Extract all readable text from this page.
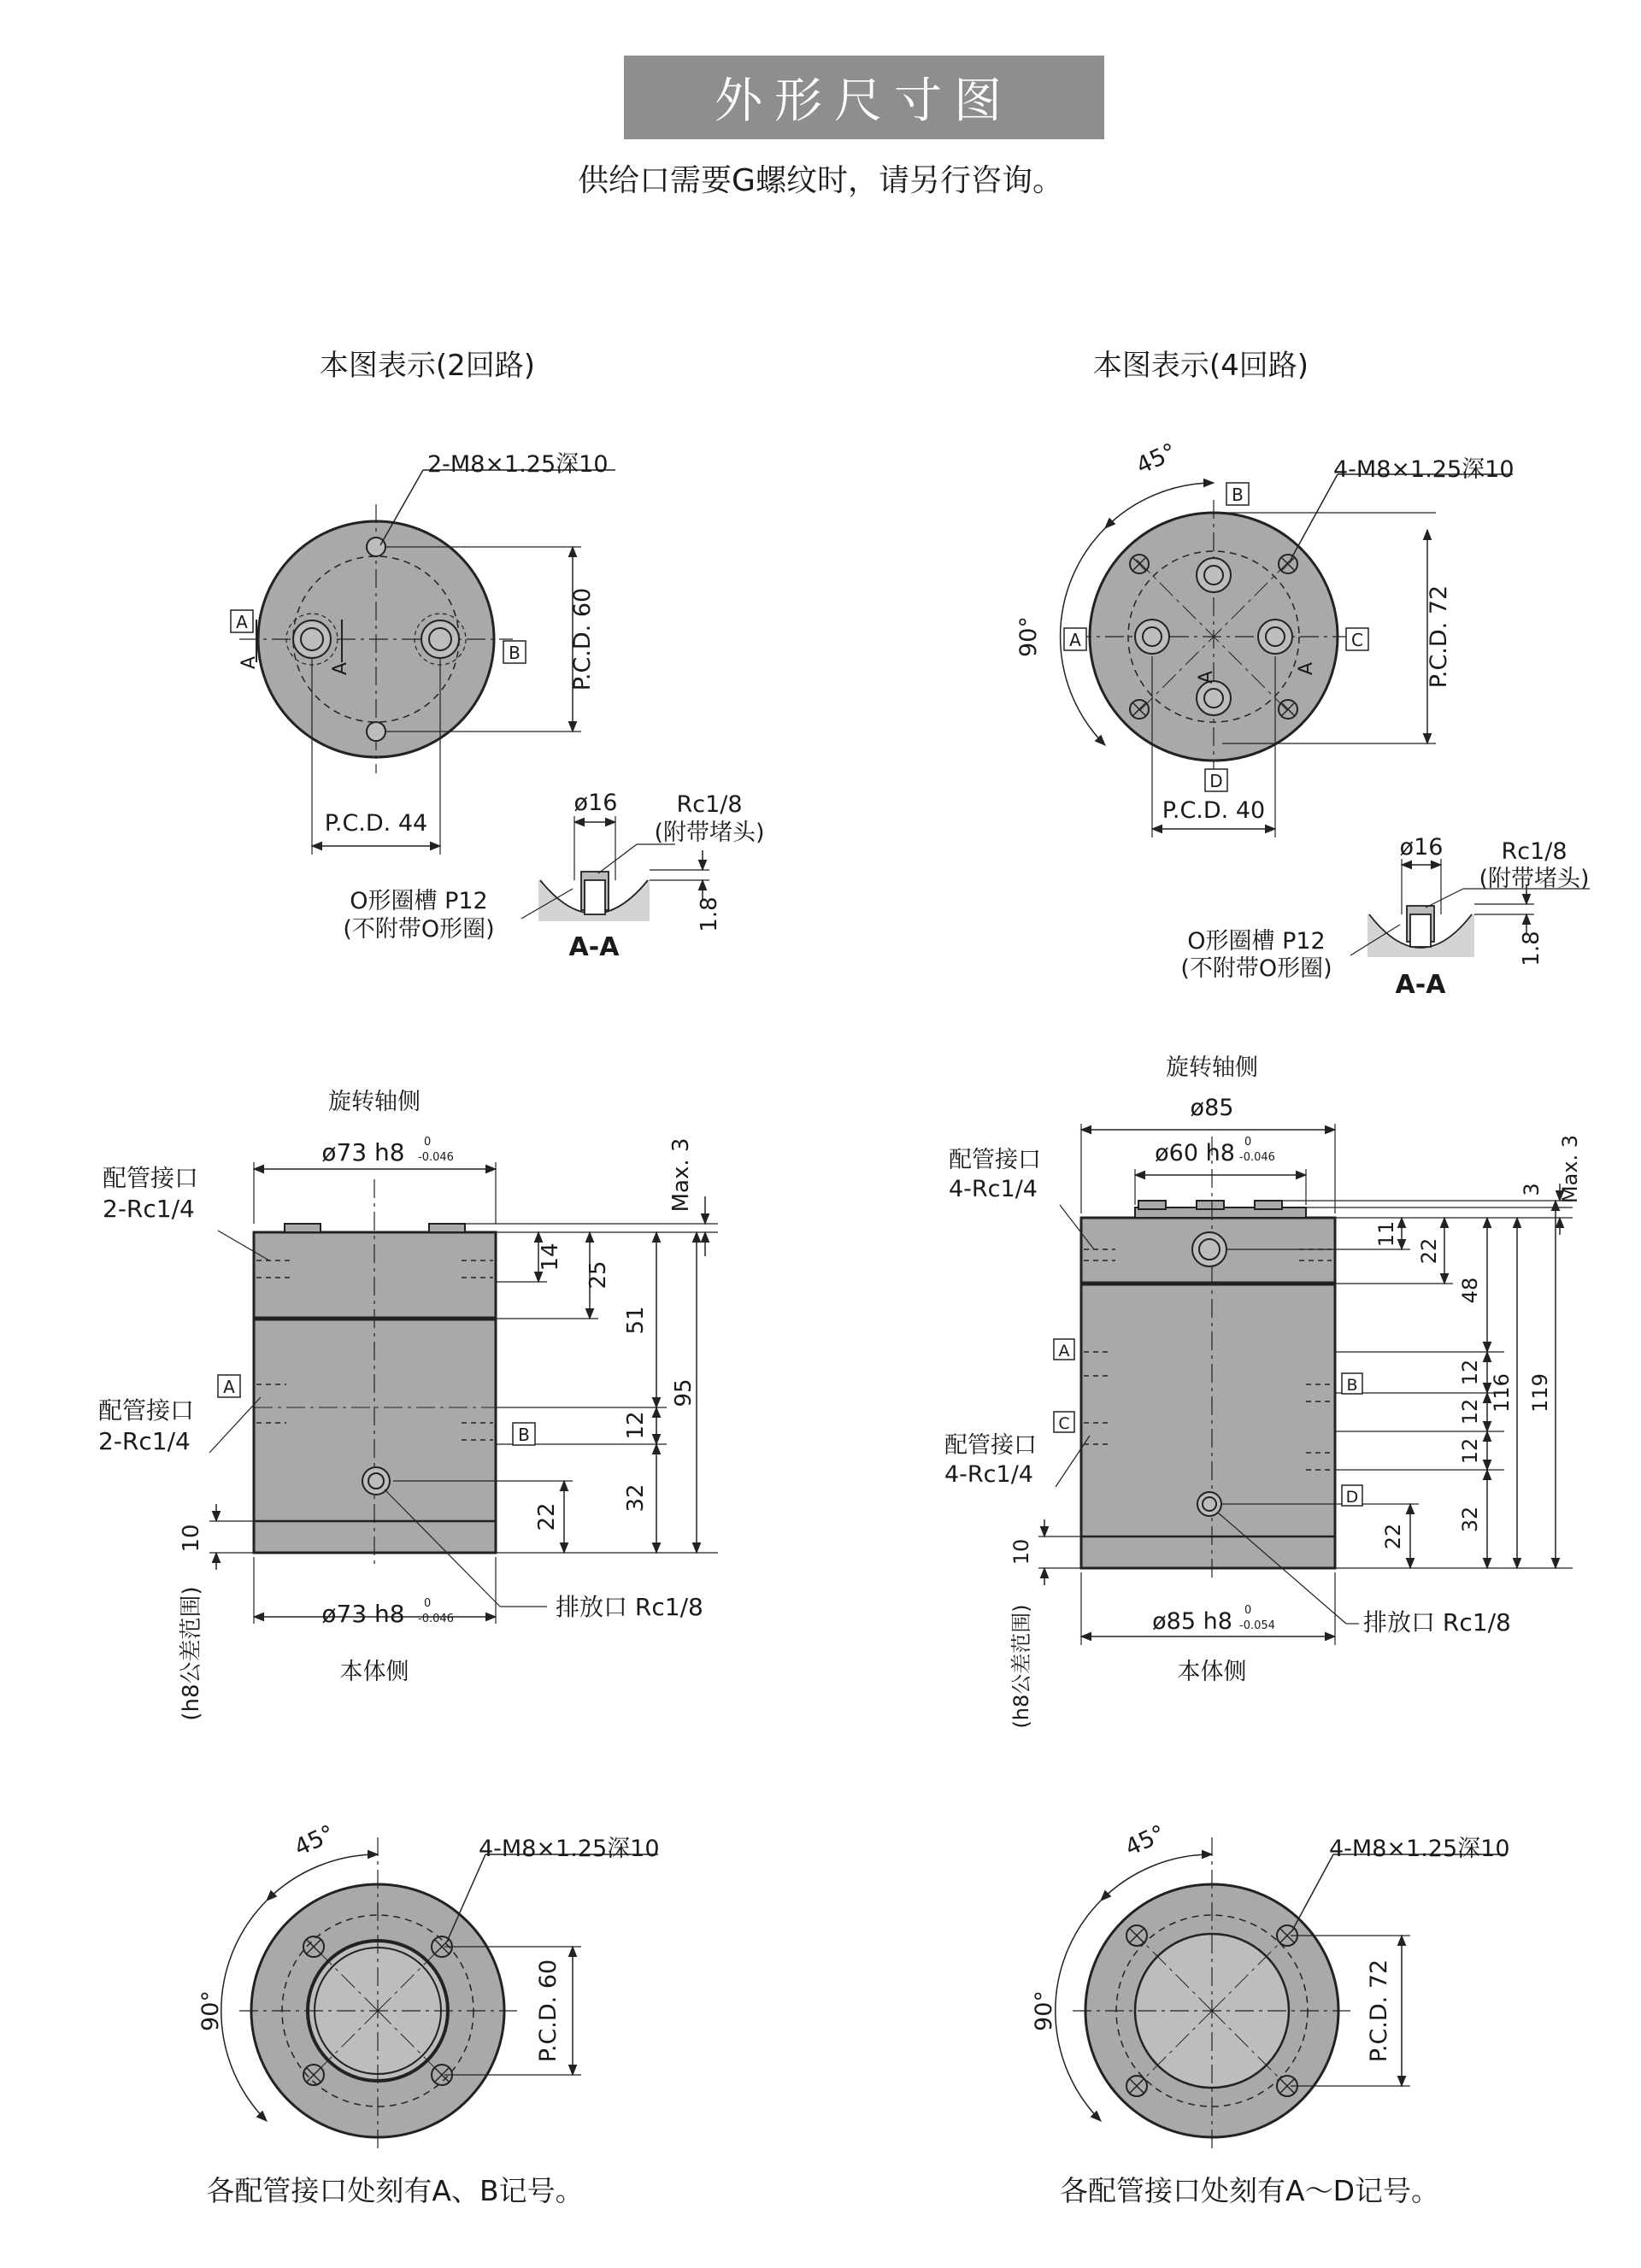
外形尺寸图
供给口需要G螺纹时，请另行咨询。
本图表示(2回路)	本图表示(4回路)
2-M8×1.25深10
P.C.D. 60
P.C.D. 44
A
B
A	A
ø16	Rc1/8
(附带堵头)
O形圈槽 P12
(不附带O形圈)	1.8
A-A
45°
90°
4-M8×1.25深10
P.C.D. 72
P.C.D. 40
A
B
C
D
A
A
ø16	Rc1/8
(附带堵头)
O形圈槽 P12
(不附带O形圈)
1.8
A-A
旋转轴侧
ø73 h8 0
-0.046	Max. 3
配管接口
2-Rc1/4
配管接口
2-Rc1/4
14
25
51
95
12
32
22
10
A
B
ø73 h8 0
-0.046	排放口 Rc1/8
(h8公差范围)	本体侧
旋转轴侧
ø85
ø60 h8 0
-0.046	Max. 3
配管接口
4-Rc1/4
配管接口
4-Rc1/4
3
11
22
48
12
12
12
116 119
32
22
10
A
B
C
D
ø85 h8 0
-0.054	排放口 Rc1/8
(h8公差范围)	本体侧
45°
90°
4-M8×1.25深10
P.C.D. 60
各配管接口处刻有A、B记号。
45°
90°
4-M8×1.25深10
P.C.D. 72
各配管接口处刻有A～D记号。
